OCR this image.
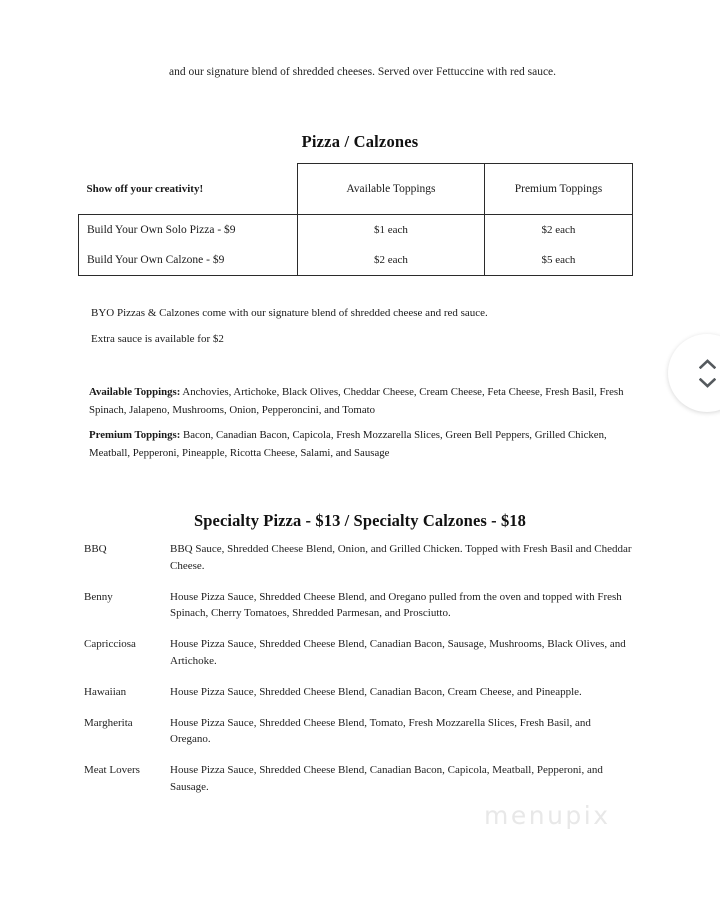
and our signature blend of shredded cheeses. Served over Fettuccine with red sauce.
Pizza / Calzones
Show off your creativity!	Available Toppings	Premium Toppings
Build Your Own Solo Pizza - $9	$1 each	$2 each
Build Your Own Calzone - $9	$2 each	$5 each
BYO Pizzas & Calzones come with our signature blend of shredded cheese and red sauce.
Extra sauce is available for $2
Available Toppings: Anchovies, Artichoke, Black Olives, Cheddar Cheese, Cream Cheese, Feta Cheese, Fresh Basil, Fresh Spinach, Jalapeno, Mushrooms, Onion, Pepperoncini, and Tomato
Premium Toppings: Bacon, Canadian Bacon, Capicola, Fresh Mozzarella Slices, Green Bell Peppers, Grilled Chicken, Meatball, Pepperoni, Pineapple, Ricotta Cheese, Salami, and Sausage
Specialty Pizza - $13 / Specialty Calzones - $18
BBQ	BBQ Sauce, Shredded Cheese Blend, Onion, and Grilled Chicken. Topped with Fresh Basil and Cheddar Cheese.
Benny	House Pizza Sauce, Shredded Cheese Blend, and Oregano pulled from the oven and topped with Fresh Spinach, Cherry Tomatoes, Shredded Parmesan, and Prosciutto.
Capricciosa	House Pizza Sauce, Shredded Cheese Blend, Canadian Bacon, Sausage, Mushrooms, Black Olives, and Artichoke.
Hawaiian	House Pizza Sauce, Shredded Cheese Blend, Canadian Bacon, Cream Cheese, and Pineapple.
Margherita	House Pizza Sauce, Shredded Cheese Blend, Tomato, Fresh Mozzarella Slices, Fresh Basil, and Oregano.
Meat Lovers	House Pizza Sauce, Shredded Cheese Blend, Canadian Bacon, Capicola, Meatball, Pepperoni, and Sausage.
menupix
